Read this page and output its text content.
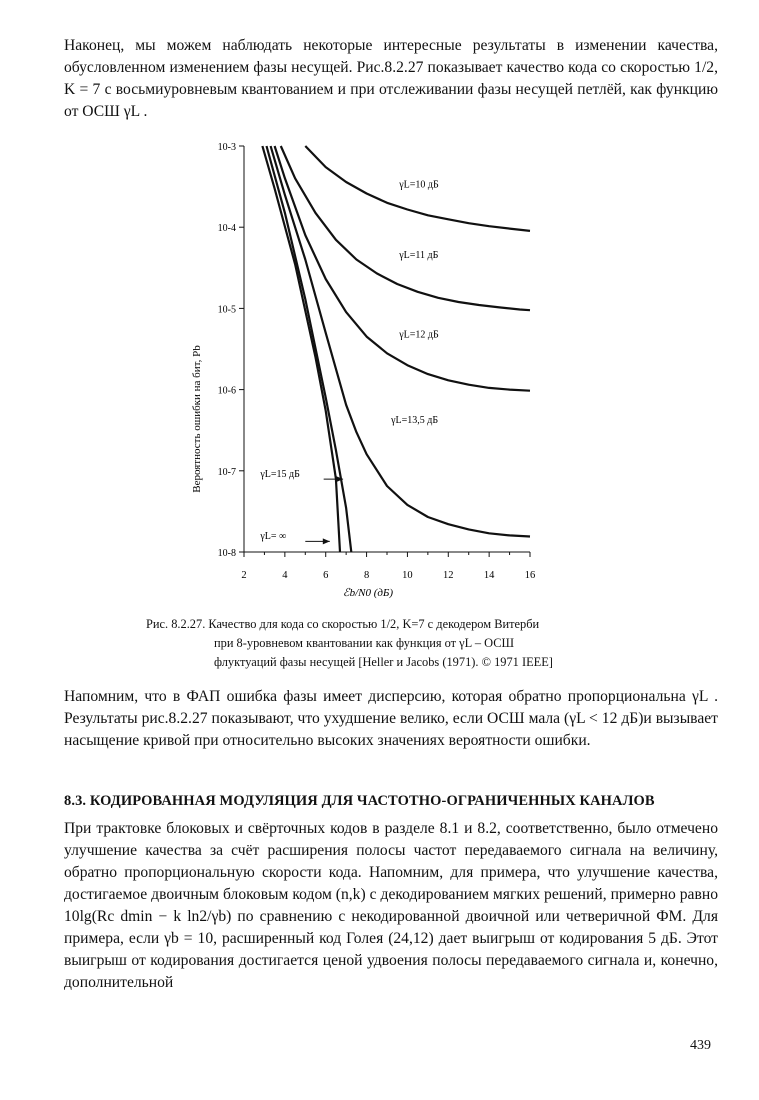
Наконец, мы можем наблюдать некоторые интересные результаты в изменении качества, обусловленном изменением фазы несущей. Рис.8.2.27 показывает качество кода со скоростью 1/2, K = 7 с восьмиуровневым квантованием и при отслеживании фазы несущей петлёй, как функцию от ОСШ γL .

γL=10 дБ
γL=11 дБ
γL=12 дБ
γL=13,5 дБ
γL=15 дБ
γL= ∞
2	4	6	8	10	12	14	16
10-3
10-4
10-5
10-6
10-7
10-8
ℰb/N0 (дБ)
Вероятность ошибки на бит, Pb

Рис. 8.2.27. Качество для кода со скоростью 1/2, K=7 с декодером Витерби
при 8-уровневом квантовании как функция от γL – ОСШ
флуктуаций фазы несущей [Heller и Jacobs (1971). © 1971 IEEE]

Напомним, что в ФАП ошибка фазы имеет дисперсию, которая обратно пропорциональна γL . Результаты рис.8.2.27 показывают, что ухудшение велико, если ОСШ мала (γL < 12 дБ)и вызывает насыщение кривой при относительно высоких значениях вероятности ошибки.

8.3. КОДИРОВАННАЯ МОДУЛЯЦИЯ ДЛЯ ЧАСТОТНО-ОГРАНИЧЕННЫХ КАНАЛОВ

При трактовке блоковых и свёрточных кодов в разделе 8.1 и 8.2, соответственно, было отмечено улучшение качества за счёт расширения полосы частот передаваемого сигнала на величину, обратно пропорциональную скорости кода. Напомним, для примера, что улучшение качества, достигаемое двоичным блоковым кодом (n,k) с декодированием мягких решений, примерно равно 10lg(Rc dmin − k ln2/γb) по сравнению с некодированной двоичной или четверичной ФМ. Для примера, если γb = 10, расширенный код Голея (24,12) дает выигрыш от кодирования 5 дБ. Этот выигрыш от кодирования достигается ценой удвоения полосы передаваемого сигнала и, конечно, дополнительной

439
